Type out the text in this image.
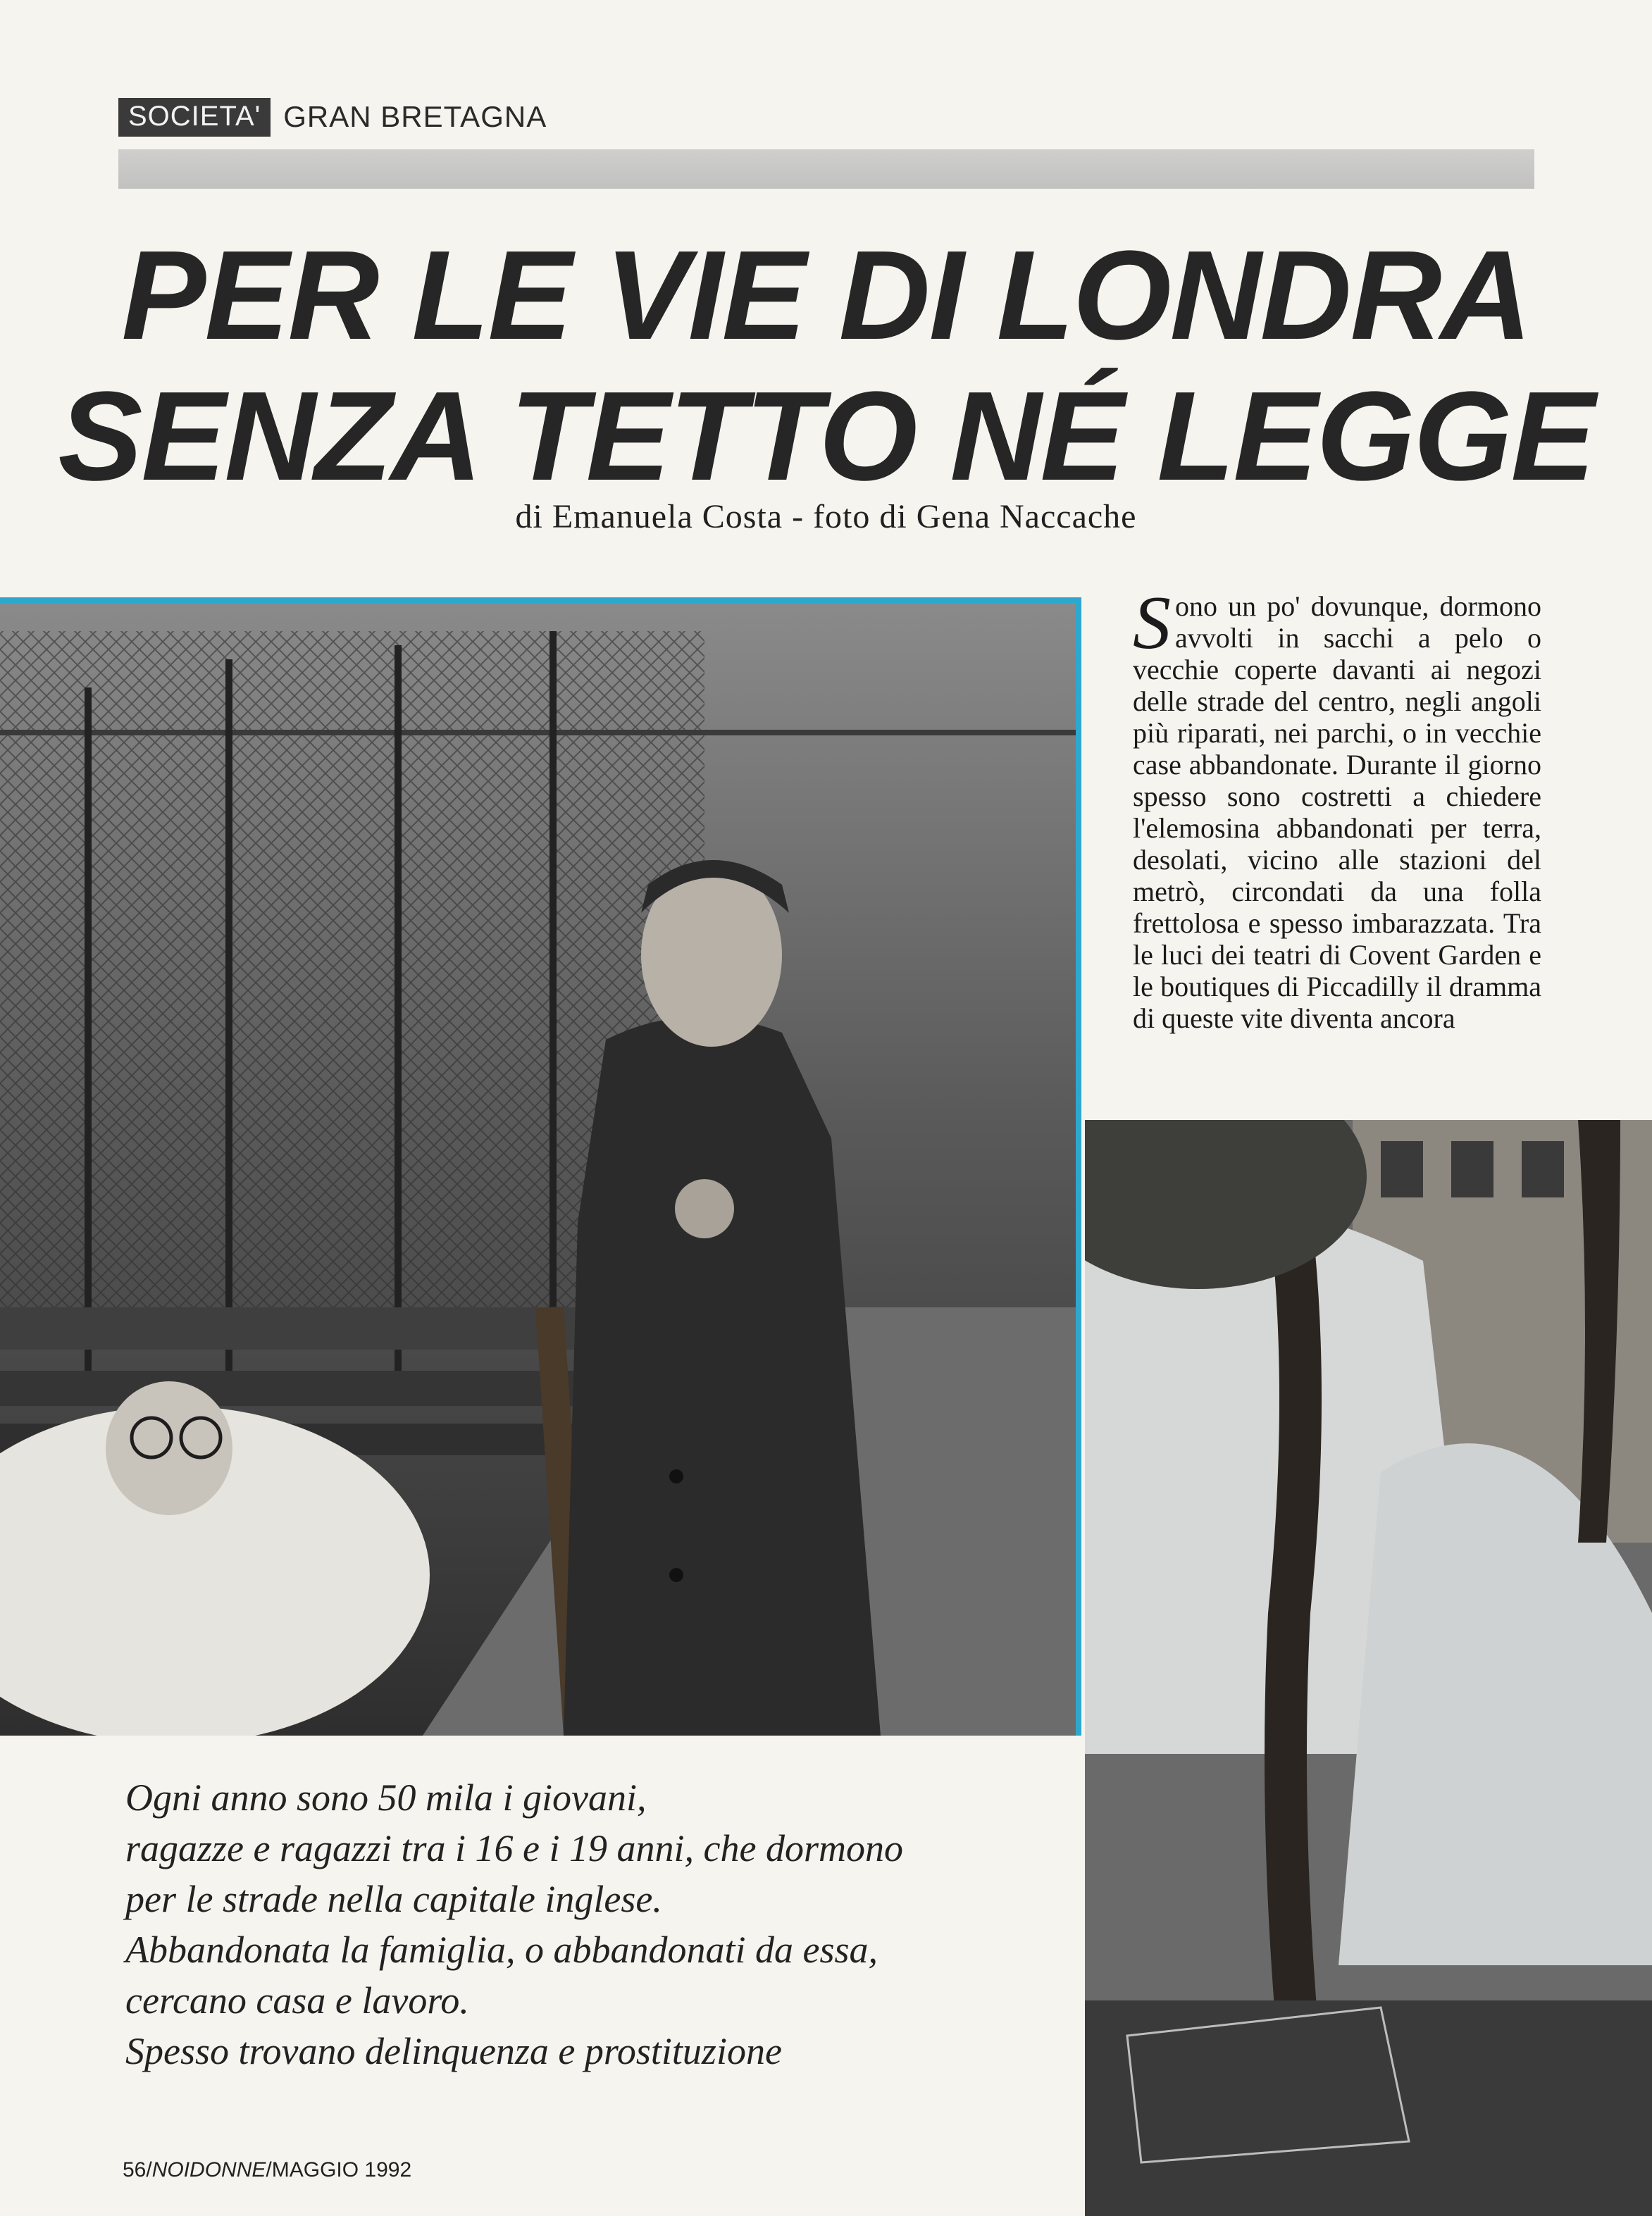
SOCIETA' GRAN BRETAGNA
PER LE VIE DI LONDRA
SENZA TETTO NÉ LEGGE
di Emanuela Costa - foto di Gena Naccache
S ono un po' dovunque, dormono avvolti in sacchi a pelo o vecchie coperte davanti ai negozi delle strade del centro, negli angoli più riparati, nei parchi, o in vecchie case abbandonate. Durante il giorno spesso sono costretti a chiedere l'elemosina abbandonati per terra, desolati, vicino alle stazioni del metrò, circondati da una folla frettolosa e spesso imbarazzata. Tra le luci dei teatri di Covent Garden e le boutiques di Piccadilly il dramma di queste vite diventa ancora
Ogni anno sono 50 mila i giovani,
ragazze e ragazzi tra i 16 e i 19 anni, che dormono
per le strade nella capitale inglese.
Abbandonata la famiglia, o abbandonati da essa,
cercano casa e lavoro.
Spesso trovano delinquenza e prostituzione
56/NOIDONNE/MAGGIO 1992
